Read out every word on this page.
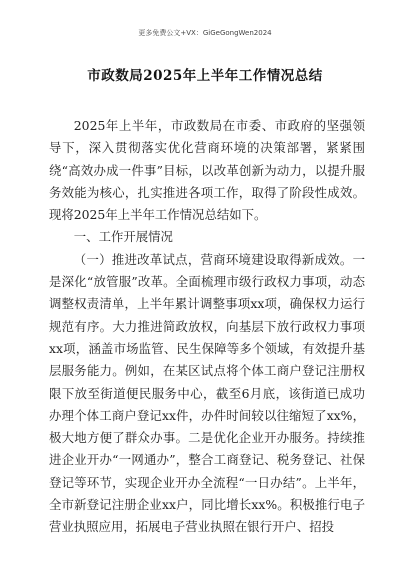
更多免费公文+VX：GiGeGongWen2024
市政数局2025年上半年工作情况总结

2025年上半年，市政数局在市委、市政府的坚强领导下，深入贯彻落实优化营商环境的决策部署，紧紧围绕“高效办成一件事”目标，以改革创新为动力，以提升服务效能为核心，扎实推进各项工作，取得了阶段性成效。现将2025年上半年工作情况总结如下。

一、工作开展情况

（一）推进改革试点，营商环境建设取得新成效。一是深化“放管服”改革。全面梳理市级行政权力事项，动态调整权责清单，上半年累计调整事项xx项，确保权力运行规范有序。大力推进简政放权，向基层下放行政权力事项xx项，涵盖市场监管、民生保障等多个领域，有效提升基层服务能力。例如，在某区试点将个体工商户登记注册权限下放至街道便民服务中心，截至6月底，该街道已成功办理个体工商户登记xx件，办件时间较以往缩短了xx%，极大地方便了群众办事。二是优化企业开办服务。持续推进企业开办“一网通办”，整合工商登记、税务登记、社保登记等环节，实现企业开办全流程“一日办结”。上半年，全市新登记注册企业xx户，同比增长xx%。积极推行电子营业执照应用，拓展电子营业执照在银行开户、招投
